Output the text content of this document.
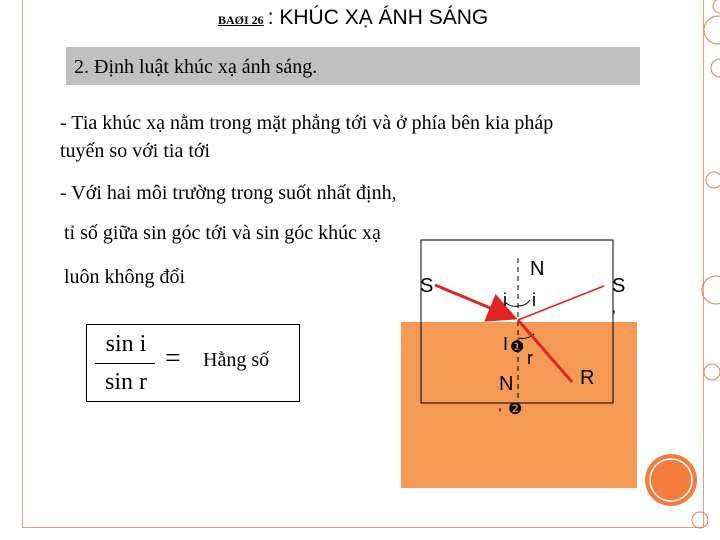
BAØI 26 : KHÚC XẠ ÁNH SÁNG
2. Định luật khúc xạ ánh sáng.
- Tia khúc xạ nằm trong mặt phẳng tới và ở phía bên kia pháp
tuyến so với tia tới
- Với hai môi trường trong suốt nhất định,
tỉ số giữa sin góc tới và sin góc khúc xạ
luôn không đổi
sin i
sin r
= Hằng số
S
N
i i
S
,
I ❶
r
N
, ❷
R
